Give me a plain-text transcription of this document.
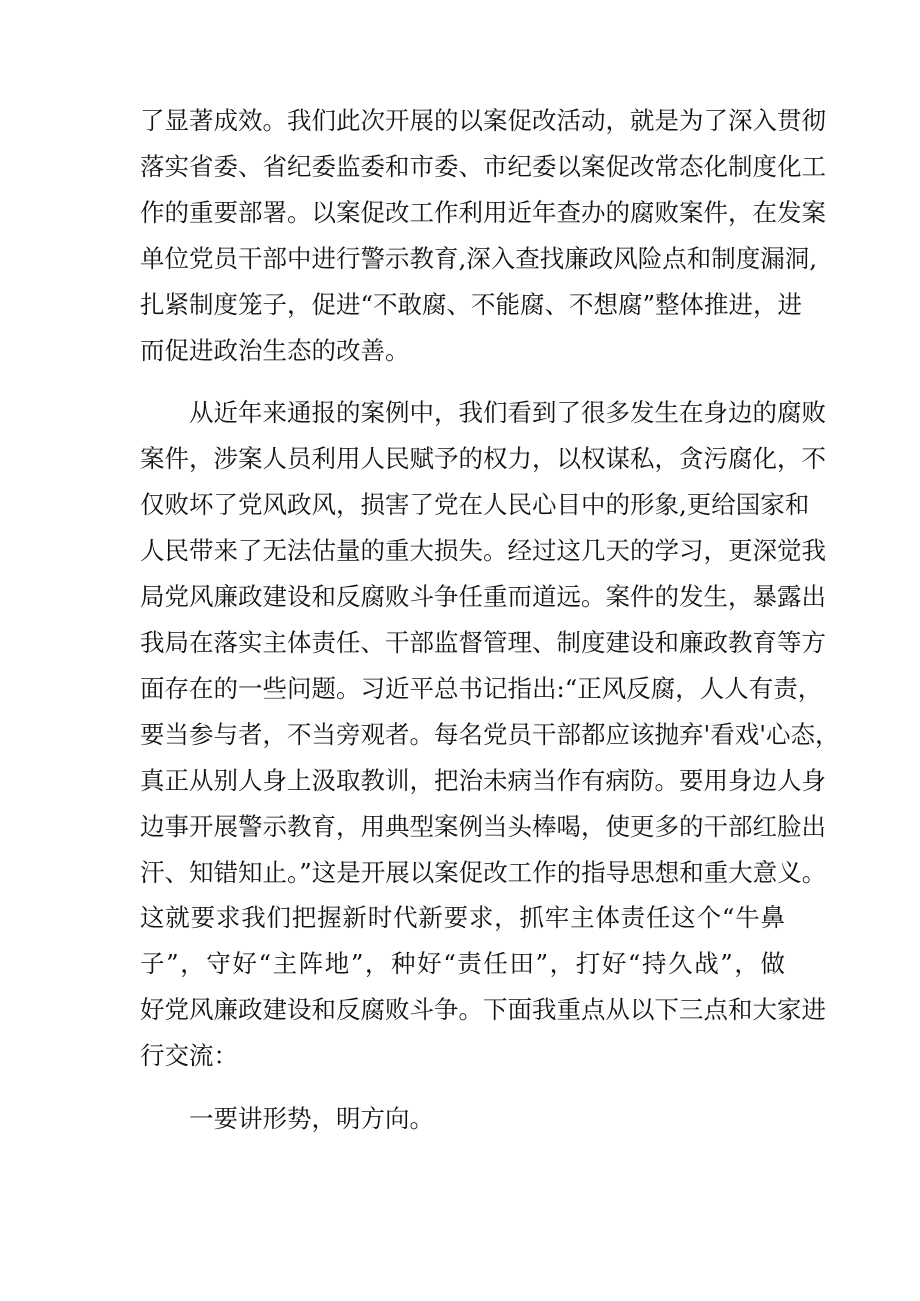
了显著成效。我们此次开展的以案促改活动，就是为了深入贯彻
落实省委、省纪委监委和市委、市纪委以案促改常态化制度化工
作的重要部署。以案促改工作利用近年查办的腐败案件，在发案
单位党员干部中进行警示教育,深入查找廉政风险点和制度漏洞,
扎紧制度笼子，促进“不敢腐、不能腐、不想腐”整体推进，进
而促进政治生态的改善。
从近年来通报的案例中，我们看到了很多发生在身边的腐败
案件，涉案人员利用人民赋予的权力，以权谋私，贪污腐化，不
仅败坏了党风政风，损害了党在人民心目中的形象,更给国家和
人民带来了无法估量的重大损失。经过这几天的学习，更深觉我
局党风廉政建设和反腐败斗争任重而道远。案件的发生，暴露出
我局在落实主体责任、干部监督管理、制度建设和廉政教育等方
面存在的一些问题。习近平总书记指出:“正风反腐，人人有责，
要当参与者，不当旁观者。每名党员干部都应该抛弃'看戏'心态，
真正从别人身上汲取教训，把治未病当作有病防。要用身边人身
边事开展警示教育，用典型案例当头棒喝，使更多的干部红脸出
汗、知错知止。”这是开展以案促改工作的指导思想和重大意义。
这就要求我们把握新时代新要求，抓牢主体责任这个“牛鼻
子”，守好“主阵地”，种好“责任田”，打好“持久战”，做
好党风廉政建设和反腐败斗争。下面我重点从以下三点和大家进
行交流：
一要讲形势，明方向。
